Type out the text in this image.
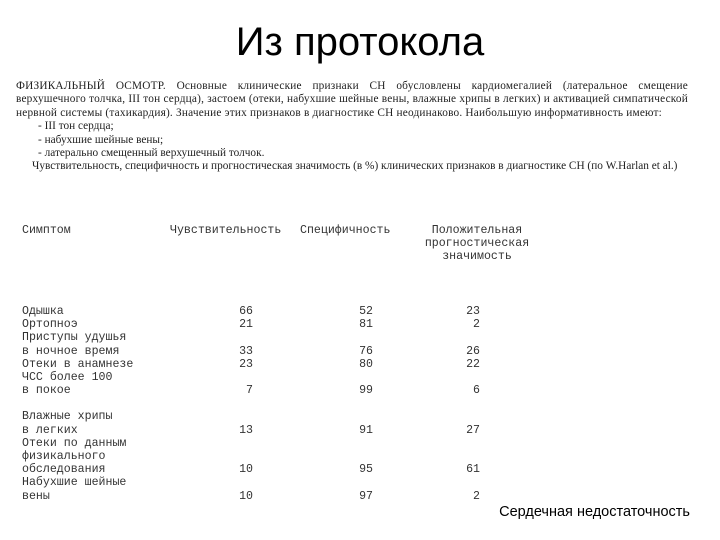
Из протокола

ФИЗИКАЛЬНЫЙ ОСМОТР. Основные клинические признаки СН обусловлены кардиомегалией (латеральное смещение верхушечного толчка, III тон сердца), застоем (отеки, набухшие шейные вены, влажные хрипы в легких) и активацией симпатической нервной системы (тахикардия). Значение этих признаков в диагностике СН неодинаково. Наибольшую информативность имеют:

- III тон сердца;
- набухшие шейные вены;
- латерально смещенный верхушечный толчок.

Чувствительность, специфичность и прогностическая значимость (в %) клинических признаков в диагностике СН (по W.Harlan et al.)

Симптом	Чувствительность	Специфичность	Положительная
прогностическая
значимость
Одышка	66	52	23
Ортопноэ	21	81	2
Приступы удушья
в ночное время	33	76	26
Отеки в анамнезе	23	80	22
ЧСС более 100
в покое	7	99	6
Влажные хрипы
в легких	13	91	27
Отеки по данным
физикального
обследования	10	95	61
Набухшие шейные
вены	10	97	2
Сердечная недостаточность
